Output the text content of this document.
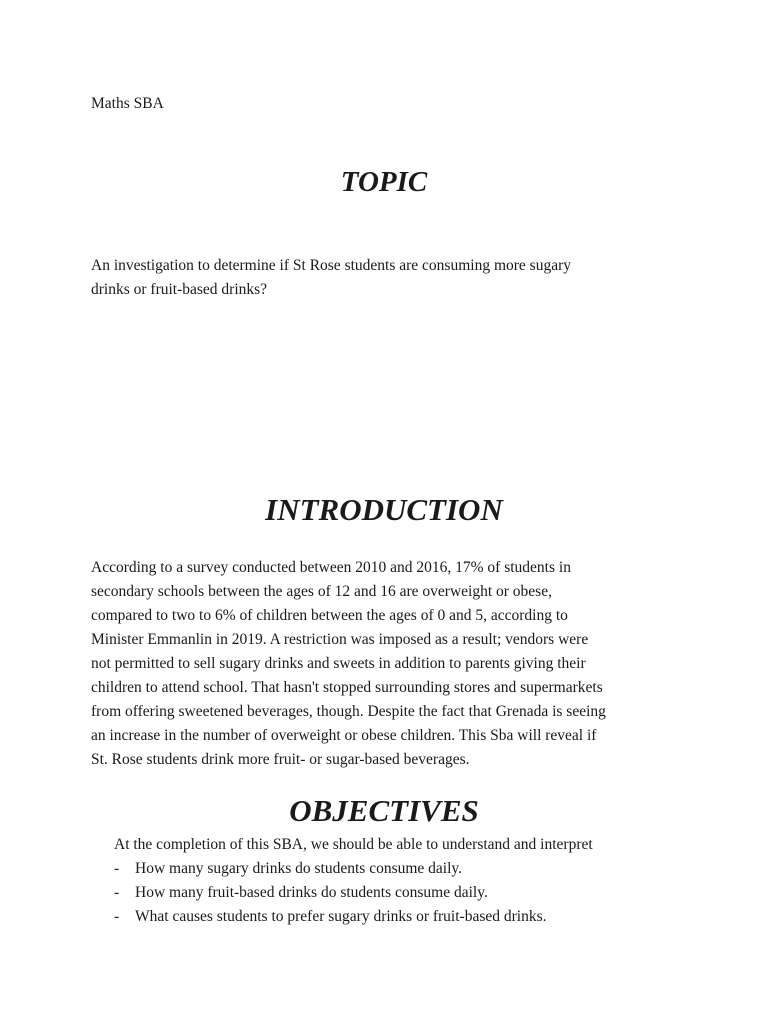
Maths SBA

TOPIC
An investigation to determine if St Rose students are consuming more sugary
drinks or fruit-based drinks?
INTRODUCTION
According to a survey conducted between 2010 and 2016, 17% of students in
secondary schools between the ages of 12 and 16 are overweight or obese,
compared to two to 6% of children between the ages of 0 and 5, according to
Minister Emmanlin in 2019. A restriction was imposed as a result; vendors were
not permitted to sell sugary drinks and sweets in addition to parents giving their
children to attend school. That hasn't stopped surrounding stores and supermarkets
from offering sweetened beverages, though. Despite the fact that Grenada is seeing
an increase in the number of overweight or obese children. This Sba will reveal if
St. Rose students drink more fruit- or sugar-based beverages.
OBJECTIVES

At the completion of this SBA, we should be able to understand and interpret

-	How many sugary drinks do students consume daily.
-	How many fruit-based drinks do students consume daily.
-	What causes students to prefer sugary drinks or fruit-based drinks.
